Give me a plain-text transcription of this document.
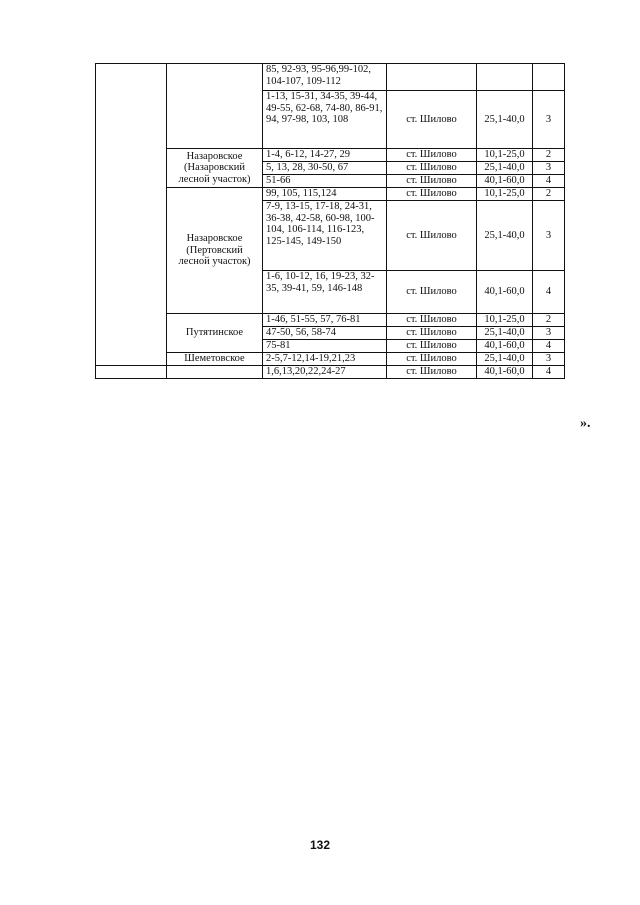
		85, 92-93, 95-96,99-102, 104-107, 109-112			
		1-13, 15-31, 34-35, 39-44, 49-55, 62-68, 74-80, 86-91, 94, 97-98, 103, 108	ст. Шилово	25,1-40,0	3
	Назаровское (Назаровский лесной участок)	1-4, 6-12, 14-27, 29	ст. Шилово	10,1-25,0	2
		5, 13, 28, 30-50, 67	ст. Шилово	25,1-40,0	3
		51-66	ст. Шилово	40,1-60,0	4
	Назаровское (Пертовский лесной участок)	99, 105, 115,124	ст. Шилово	10,1-25,0	2
		7-9, 13-15, 17-18, 24-31, 36-38, 42-58, 60-98, 100-104, 106-114, 116-123, 125-145, 149-150	ст. Шилово	25,1-40,0	3
		1-6, 10-12, 16, 19-23, 32-35, 39-41, 59, 146-148	ст. Шилово	40,1-60,0	4
	Путятинское	1-46, 51-55, 57, 76-81	ст. Шилово	10,1-25,0	2
		47-50, 56, 58-74	ст. Шилово	25,1-40,0	3
		75-81	ст. Шилово	40,1-60,0	4
	Шеметовское	2-5,7-12,14-19,21,23	ст. Шилово	25,1-40,0	3
		1,6,13,20,22,24-27	ст. Шилово	40,1-60,0	4
».
132
